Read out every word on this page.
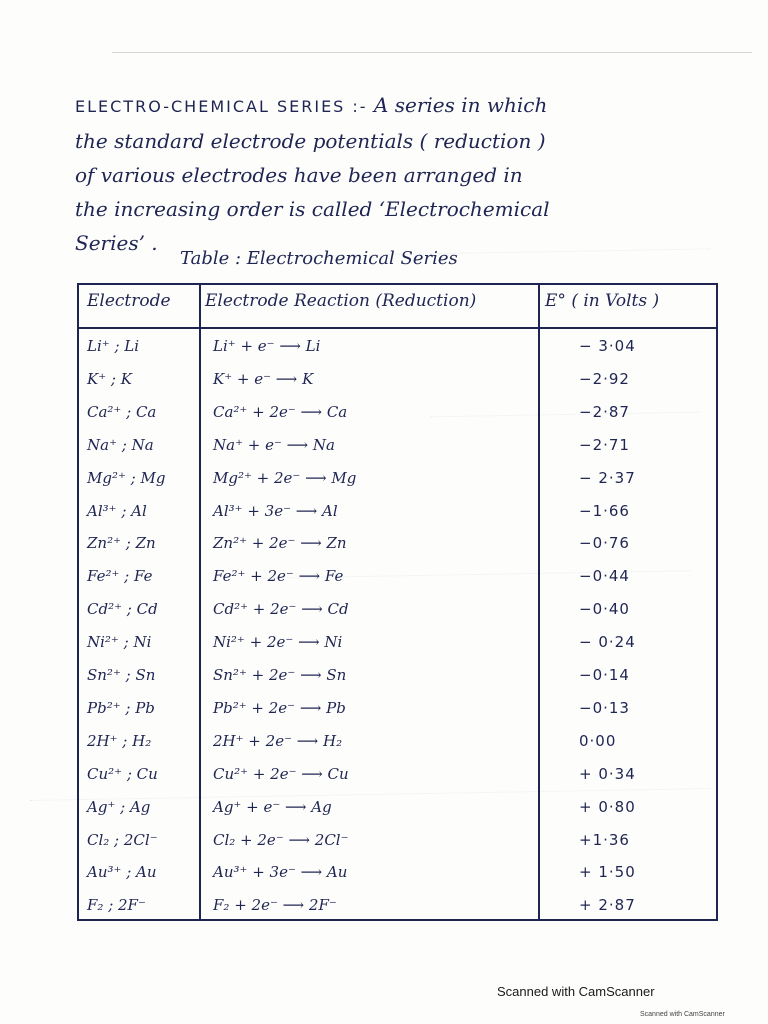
ELECTRO-CHEMICAL SERIES :- A series in which
the standard electrode potentials ( reduction )
of various electrodes have been arranged in
the increasing order is called ‘Electrochemical
Series’ .
Table : Electrochemical Series
Electrode Electrode Reaction (Reduction)	E° ( in Volts )
Li⁺ ; Li	Li⁺ + e⁻ ⟶ Li	− 3·04
K⁺ ; K	K⁺ + e⁻ ⟶ K	−2·92
Ca²⁺ ; Ca	Ca²⁺ + 2e⁻ ⟶ Ca	−2·87
Na⁺ ; Na	Na⁺ + e⁻ ⟶ Na	−2·71
Mg²⁺ ; Mg	Mg²⁺ + 2e⁻ ⟶ Mg	− 2·37
Al³⁺ ; Al	Al³⁺ + 3e⁻ ⟶ Al	−1·66
Zn²⁺ ; Zn	Zn²⁺ + 2e⁻ ⟶ Zn	−0·76
Fe²⁺ ; Fe	Fe²⁺ + 2e⁻ ⟶ Fe	−0·44
Cd²⁺ ; Cd	Cd²⁺ + 2e⁻ ⟶ Cd	−0·40
Ni²⁺ ; Ni	Ni²⁺ + 2e⁻ ⟶ Ni	− 0·24
Sn²⁺ ; Sn	Sn²⁺ + 2e⁻ ⟶ Sn	−0·14
Pb²⁺ ; Pb	Pb²⁺ + 2e⁻ ⟶ Pb	−0·13
2H⁺ ; H₂	2H⁺ + 2e⁻ ⟶ H₂	0·00
Cu²⁺ ; Cu	Cu²⁺ + 2e⁻ ⟶ Cu	+ 0·34
Ag⁺ ; Ag	Ag⁺ + e⁻ ⟶ Ag	+ 0·80
Cl₂ ; 2Cl⁻	Cl₂ + 2e⁻ ⟶ 2Cl⁻	+1·36
Au³⁺ ; Au	Au³⁺ + 3e⁻ ⟶ Au	+ 1·50
F₂ ; 2F⁻	F₂ + 2e⁻ ⟶ 2F⁻	+ 2·87
Scanned with CamScanner
Scanned with CamScanner
